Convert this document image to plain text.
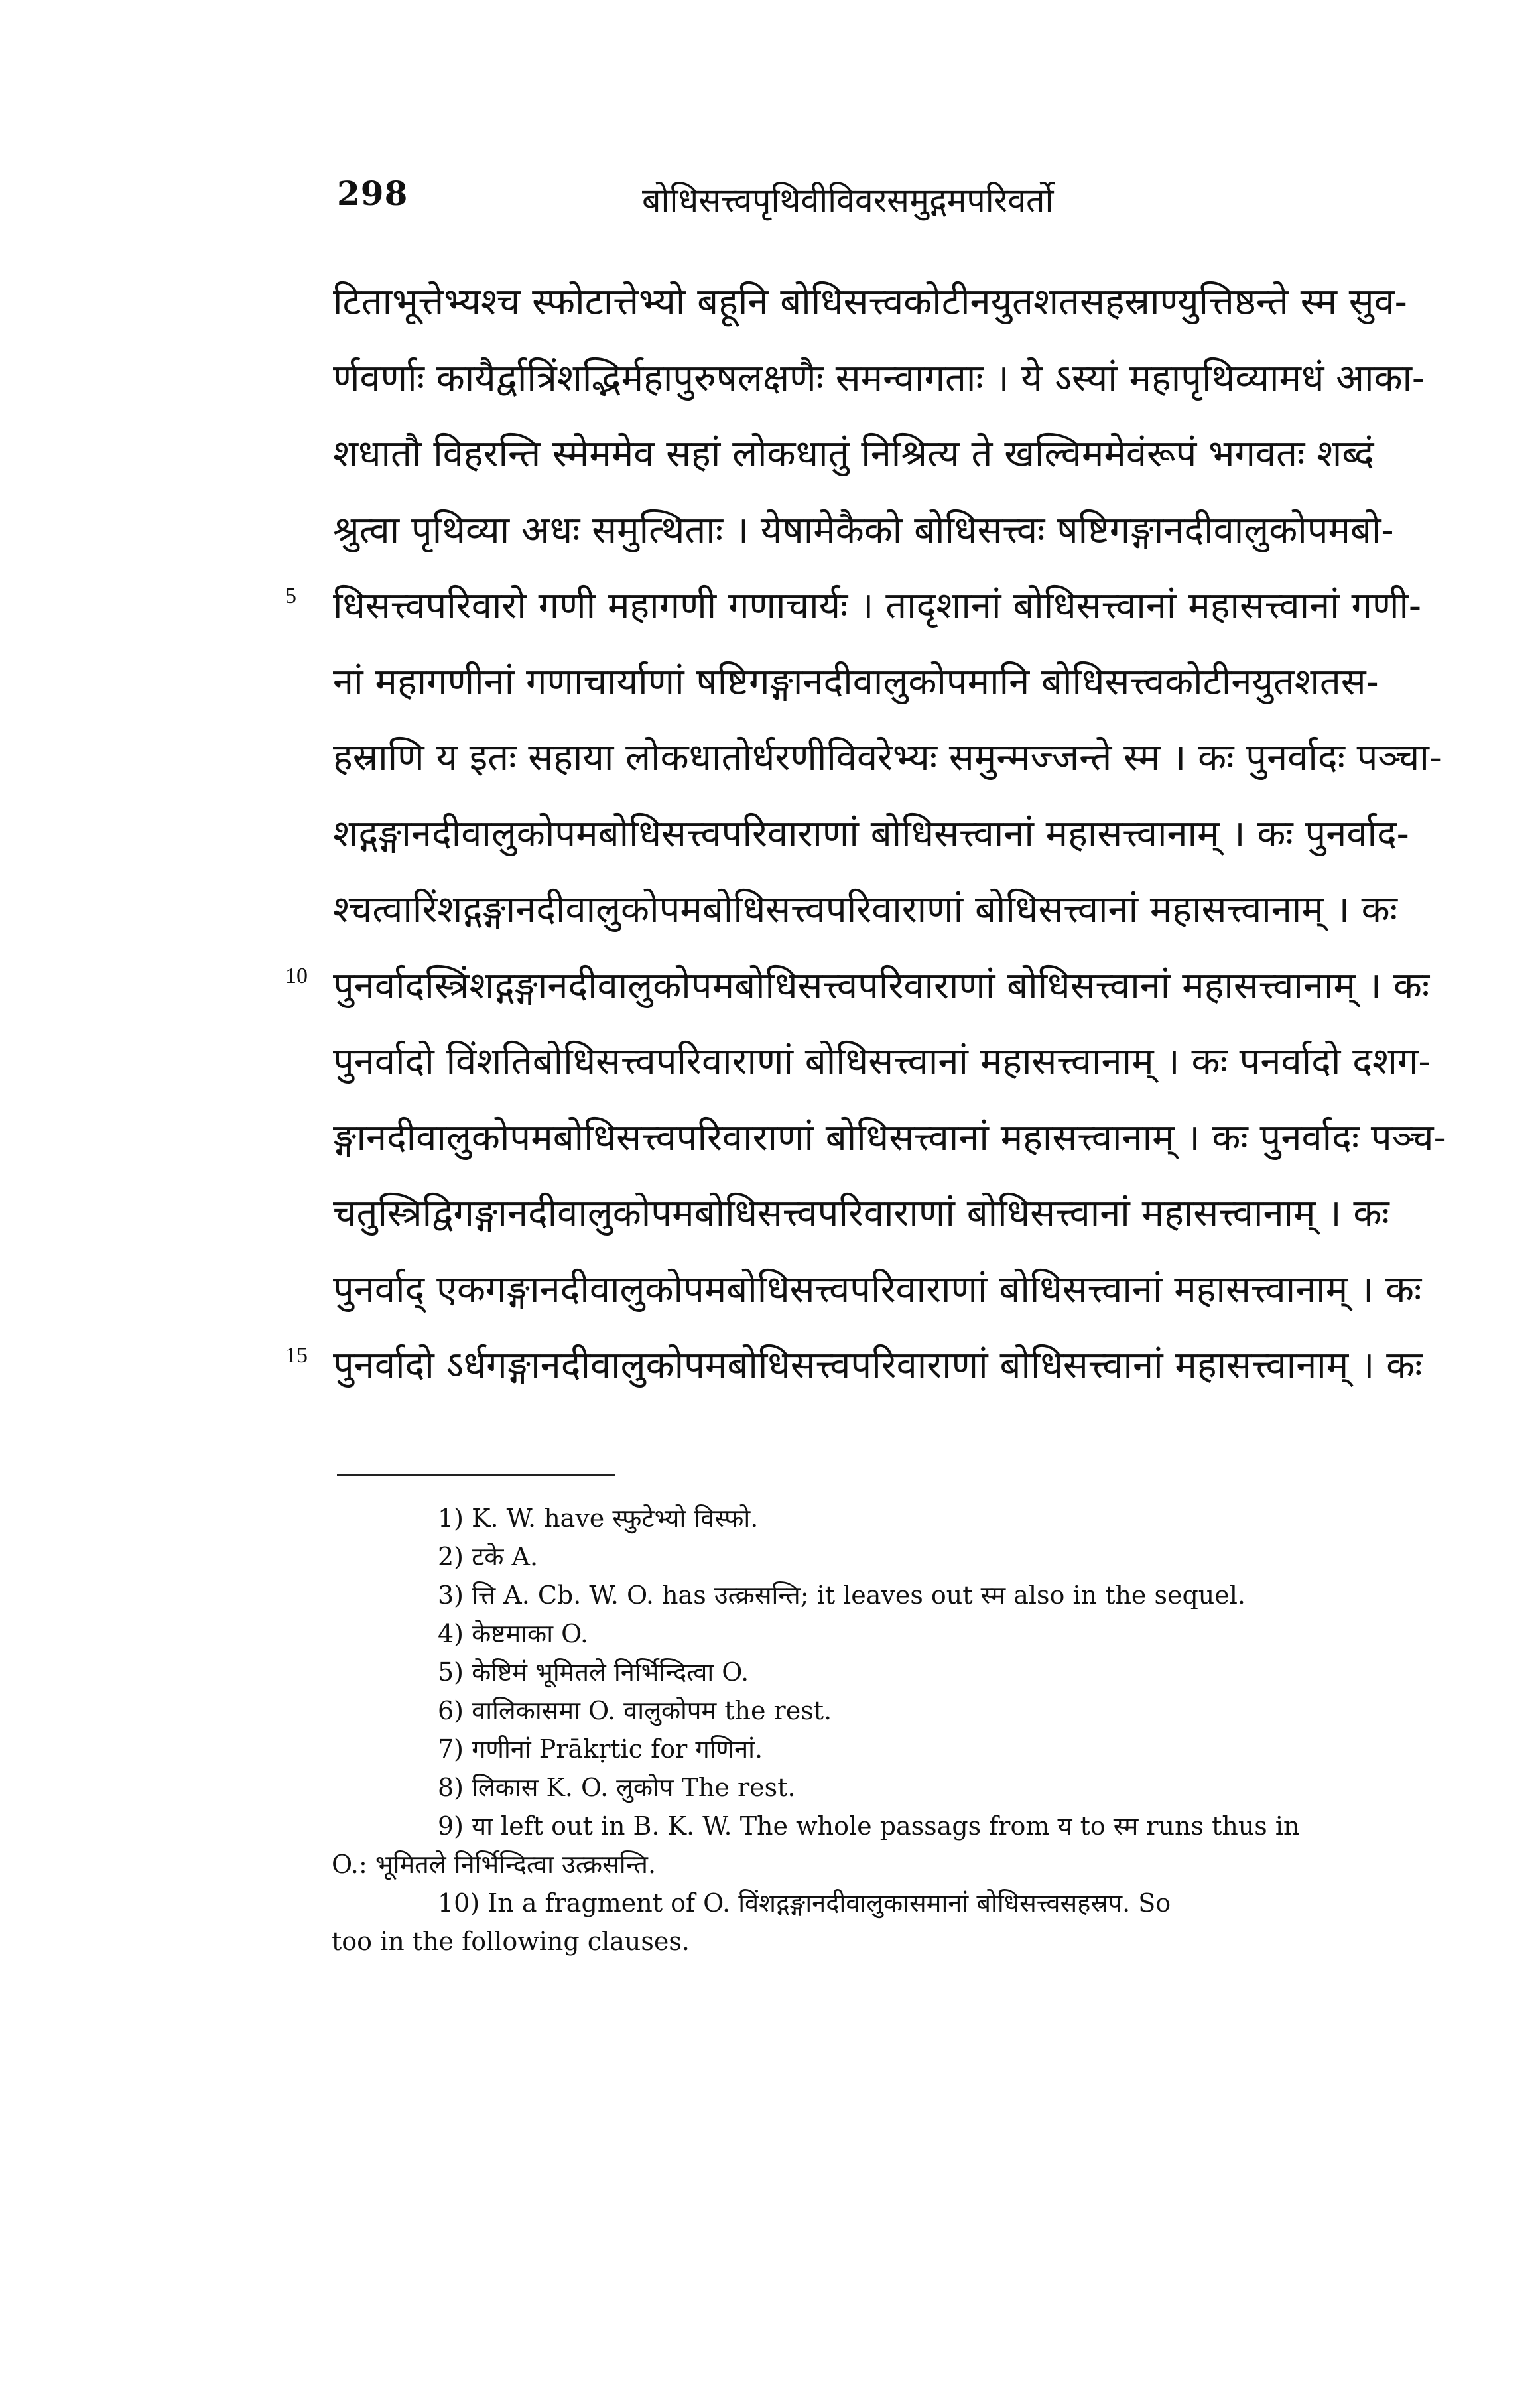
298	बोधिसत्त्वपृथिवीविवरसमुद्गमपरिवर्तो
टिताभूत्तेभ्यश्च स्फोटात्तेभ्यो बहूनि बोधिसत्त्वकोटीनयुतशतसहस्राण्युत्तिष्ठन्ते स्म सुव-
र्णवर्णाः कायैर्द्वात्रिंशद्भिर्महापुरुषलक्षणैः समन्वागताः । ये ऽस्यां महापृथिव्यामधं आका-
शधातौ विहरन्ति स्मेममेव सहां लोकधातुं निश्रित्य ते खल्विममेवंरूपं भगवतः शब्दं
श्रुत्वा पृथिव्या अधः समुत्थिताः । येषामेकैको बोधिसत्त्वः षष्टिगङ्गानदीवालुकोपमबो-
5 धिसत्त्वपरिवारो गणी महागणी गणाचार्यः । तादृशानां बोधिसत्त्वानां महासत्त्वानां गणी-
नां महागणीनां गणाचार्याणां षष्टिगङ्गानदीवालुकोपमानि बोधिसत्त्वकोटीनयुतशतस-
हस्राणि य इतः सहाया लोकधातोर्धरणीविवरेभ्यः समुन्मज्जन्ते स्म । कः पुनर्वादः पञ्चा-
शद्गङ्गानदीवालुकोपमबोधिसत्त्वपरिवाराणां बोधिसत्त्वानां महासत्त्वानाम् । कः पुनर्वाद-
श्चत्वारिंशद्गङ्गानदीवालुकोपमबोधिसत्त्वपरिवाराणां बोधिसत्त्वानां महासत्त्वानाम् । कः
10 पुनर्वादस्त्रिंशद्गङ्गानदीवालुकोपमबोधिसत्त्वपरिवाराणां बोधिसत्त्वानां महासत्त्वानाम् । कः
पुनर्वादो विंशतिबोधिसत्त्वपरिवाराणां बोधिसत्त्वानां महासत्त्वानाम् । कः पनर्वादो दशग-
ङ्गानदीवालुकोपमबोधिसत्त्वपरिवाराणां बोधिसत्त्वानां महासत्त्वानाम् । कः पुनर्वादः पञ्च-
चतुस्त्रिद्विगङ्गानदीवालुकोपमबोधिसत्त्वपरिवाराणां बोधिसत्त्वानां महासत्त्वानाम् । कः
पुनर्वाद् एकगङ्गानदीवालुकोपमबोधिसत्त्वपरिवाराणां बोधिसत्त्वानां महासत्त्वानाम् । कः
15 पुनर्वादो ऽर्धगङ्गानदीवालुकोपमबोधिसत्त्वपरिवाराणां बोधिसत्त्वानां महासत्त्वानाम् । कः
1) K. W. have स्फुटेभ्यो विस्फो.
2) टके A.
3) त्ति A. Cb. W. O. has उत्क्रसन्ति; it leaves out स्म also in the sequel.
4) केष्टमाका O.
5) केष्टिमं भूमितले निर्भिन्दित्वा O.
6) वालिकासमा O. वालुकोपम the rest.
7) गणीनां Prākṛtic for गणिनां.
8) लिकास K. O. लुकोप The rest.
9) या left out in B. K. W. The whole passags from य to स्म runs thus in
O.: भूमितले निर्भिन्दित्वा उत्क्रसन्ति.
10) In a fragment of O. विंशद्गङ्गानदीवालुकासमानां बोधिसत्त्वसहस्रप. So
too in the following clauses.
